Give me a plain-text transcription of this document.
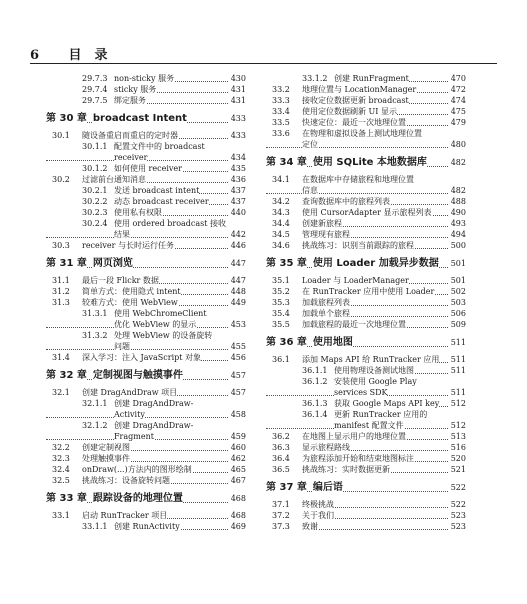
6 目　录
29.7.3 non-sticky 服务	430
29.7.4 sticky 服务	431
29.7.5 绑定服务	431
第 30 章 broadcast Intent	433
30.1 随设备重启而重启的定时器	433
30.1.1 配置文件中的 broadcast
receiver	434
30.1.2 如何使用 receiver	435
30.2 过滤前台通知消息	436
30.2.1 发送 broadcast intent	437
30.2.2 动态 broadcast receiver	437
30.2.3 使用私有权限	440
30.2.4 使用 ordered broadcast 接收
结果	442
30.3 receiver 与长时运行任务	446
第 31 章 网页浏览	447
31.1 最后一段 Flickr 数据	447
31.2 简单方式：使用隐式 intent	448
31.3 较难方式：使用 WebView	449
31.3.1 使用 WebChromeClient
优化 WebView 的显示	453
31.3.2 处理 WebView 的设备旋转
问题	455
31.4 深入学习：注入 JavaScript 对象	456
第 32 章 定制视图与触摸事件	457
32.1 创建 DragAndDraw 项目	457
32.1.1 创建 DragAndDraw-
Activity	458
32.1.2 创建 DragAndDraw-
Fragment	459
32.2 创建定制视图	460
32.3 处理触摸事件	462
32.4 onDraw(...)方法内的图形绘制	465
32.5 挑战练习：设备旋转问题	467
第 33 章 跟踪设备的地理位置	468
33.1 启动 RunTracker 项目	468
33.1.1 创建 RunActivity	469
33.1.2 创建 RunFragment	470
33.2 地理位置与 LocationManager	472
33.3 接收定位数据更新 broadcast	474
33.4 使用定位数据刷新 UI 显示	475
33.5 快速定位：最近一次地理位置	479
33.6 在物理和虚拟设备上测试地理位置
定位	480
第 34 章 使用 SQLite 本地数据库	482
34.1 在数据库中存储旅程和地理位置
信息	482
34.2 查询数据库中的旅程列表	488
34.3 使用 CursorAdapter 显示旅程列表 490
34.4 创建新旅程	493
34.5 管理现有旅程	494
34.6 挑战练习：识别当前跟踪的旅程	500
第 35 章 使用 Loader 加载异步数据 501
35.1 Loader 与 LoaderManager	501
35.2 在 RunTracker 应用中使用 Loader 502
35.3 加载旅程列表	503
35.4 加载单个旅程	506
35.5 加载旅程的最近一次地理位置	509
第 36 章 使用地图	511
36.1 添加 Maps API 给 RunTracker 应用 511
36.1.1 使用物理设备测试地图	511
36.1.2 安装使用 Google Play
services SDK	511
36.1.3 获取 Google Maps API key 512
36.1.4 更新 RunTracker 应用的
manifest 配置文件	512
36.2 在地图上显示用户的地理位置	513
36.3 显示旅程路线	516
36.4 为旅程添加开始和结束地图标注	520
36.5 挑战练习：实时数据更新	521
第 37 章 编后语	522
37.1 终极挑战	522
37.2 关于我们	523
37.3 致谢	523
